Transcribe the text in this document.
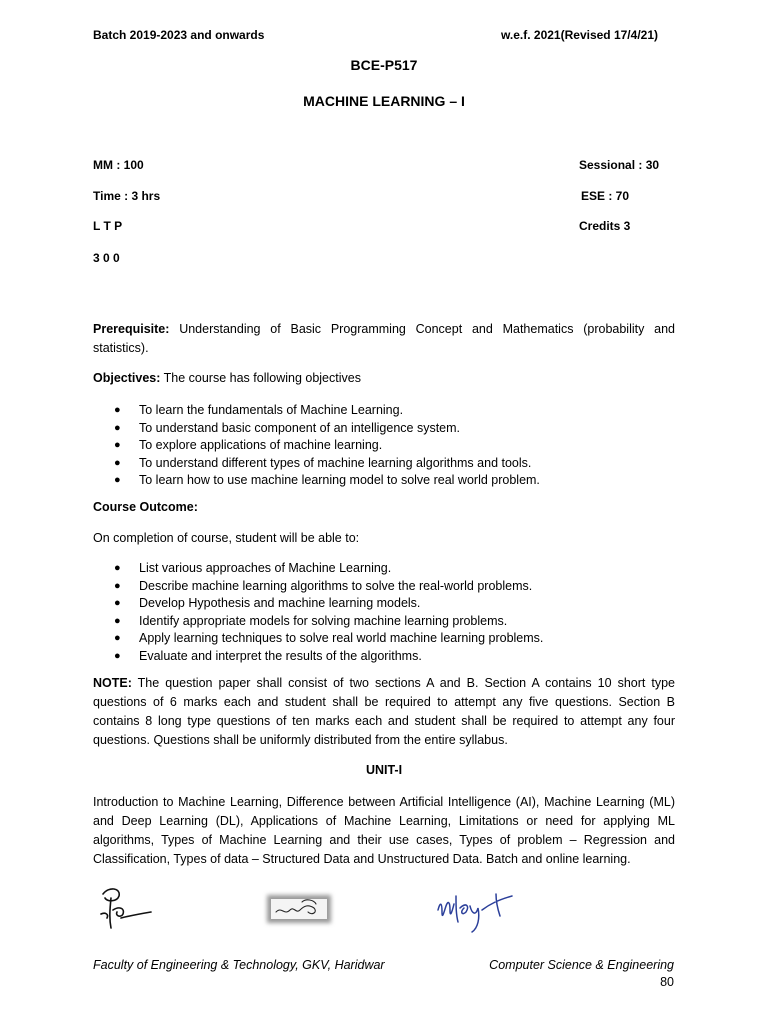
Batch 2019-2023 and onwards	w.e.f. 2021(Revised 17/4/21)
BCE-P517
MACHINE LEARNING – I
MM : 100	Sessional : 30
Time : 3 hrs	ESE : 70
L T P	Credits 3
3 0 0
Prerequisite: Understanding of Basic Programming Concept and Mathematics (probability and statistics).
Objectives: The course has following objectives
● To learn the fundamentals of Machine Learning.
● To understand basic component of an intelligence system.
● To explore applications of machine learning.
● To understand different types of machine learning algorithms and tools.
● To learn how to use machine learning model to solve real world problem.
Course Outcome:
On completion of course, student will be able to:
● List various approaches of Machine Learning.
● Describe machine learning algorithms to solve the real-world problems.
● Develop Hypothesis and machine learning models.
● Identify appropriate models for solving machine learning problems.
● Apply learning techniques to solve real world machine learning problems.
● Evaluate and interpret the results of the algorithms.
NOTE: The question paper shall consist of two sections A and B. Section A contains 10 short type questions of 6 marks each and student shall be required to attempt any five questions. Section B contains 8 long type questions of ten marks each and student shall be required to attempt any four questions. Questions shall be uniformly distributed from the entire syllabus.
UNIT-I
Introduction to Machine Learning, Difference between Artificial Intelligence (AI), Machine Learning (ML) and Deep Learning (DL), Applications of Machine Learning, Limitations or need for applying ML algorithms, Types of Machine Learning and their use cases, Types of problem – Regression and Classification, Types of data – Structured Data and Unstructured Data. Batch and online learning.
Faculty of Engineering & Technology, GKV, Haridwar	Computer Science & Engineering
80
